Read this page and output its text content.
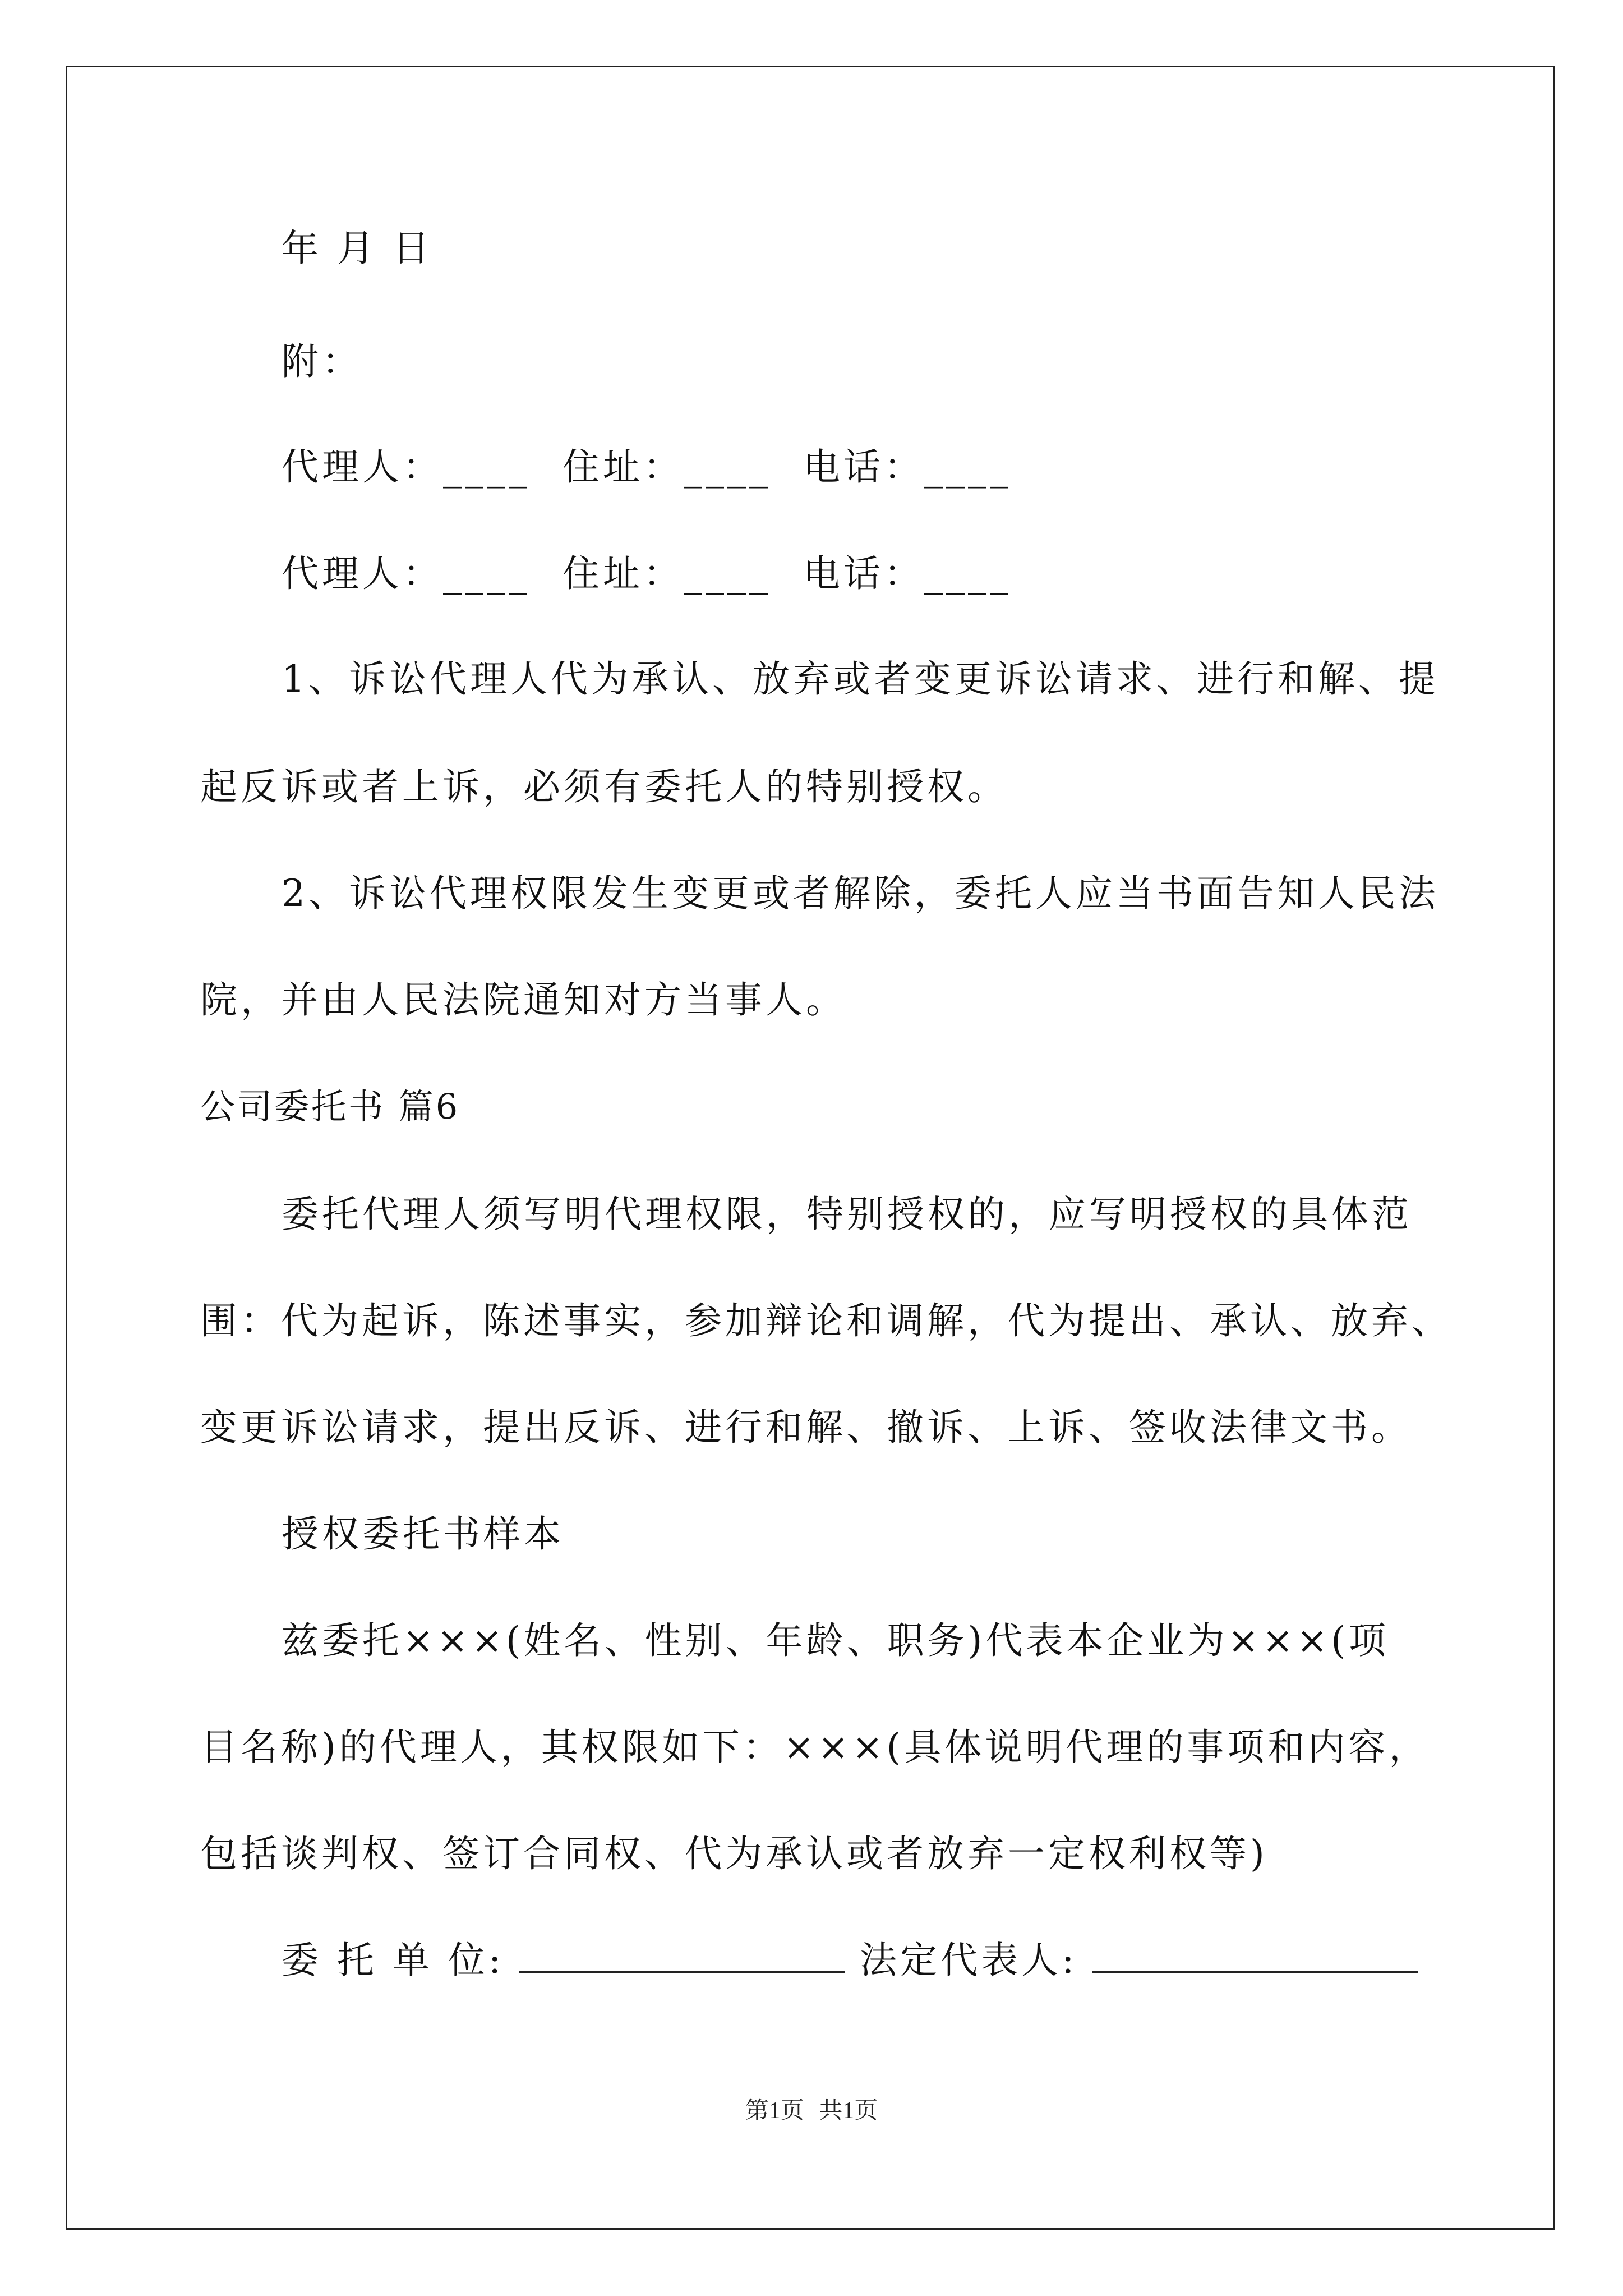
年 月 日
附：
代理人：____ 住址：____ 电话：____
代理人：____ 住址：____ 电话：____
1、诉讼代理人代为承认、放弃或者变更诉讼请求、进行和解、提
起反诉或者上诉，必须有委托人的特别授权。
2、诉讼代理权限发生变更或者解除，委托人应当书面告知人民法
院，并由人民法院通知对方当事人。
公司委托书 篇6
委托代理人须写明代理权限，特别授权的，应写明授权的具体范
围：代为起诉，陈述事实，参加辩论和调解，代为提出、承认、放弃、
变更诉讼请求，提出反诉、进行和解、撤诉、上诉、签收法律文书。
授权委托书样本
兹委托×××(姓名、性别、年龄、职务)代表本企业为×××(项
目名称)的代理人，其权限如下：×××(具体说明代理的事项和内容，
包括谈判权、签订合同权、代为承认或者放弃一定权利权等)
委 托 单 位:	法定代表人:
第1页 共1页
